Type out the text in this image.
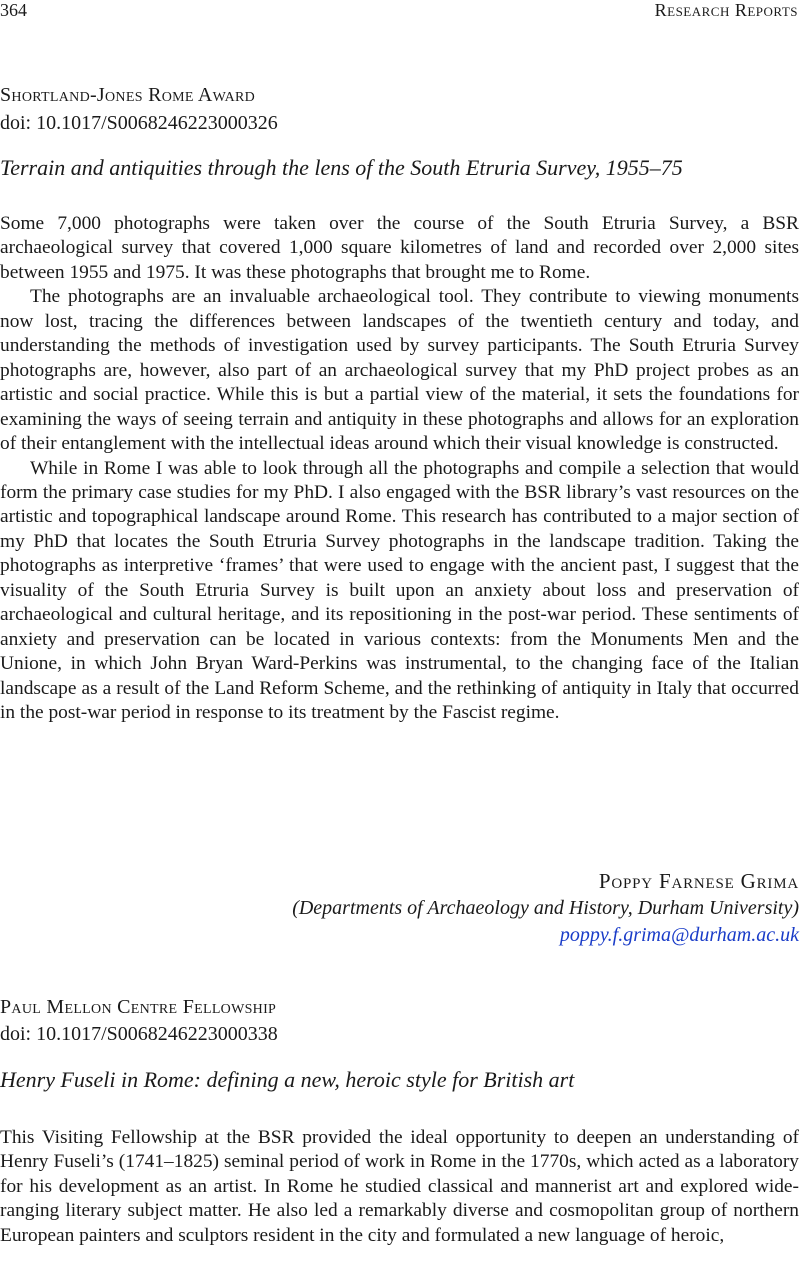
364	Research Reports
Shortland-Jones Rome Award
doi: 10.1017/S0068246223000326
Terrain and antiquities through the lens of the South Etruria Survey, 1955–75

Some 7,000 photographs were taken over the course of the South Etruria Survey, a BSR archaeological survey that covered 1,000 square kilometres of land and recorded over 2,000 sites between 1955 and 1975. It was these photographs that brought me to Rome.

The photographs are an invaluable archaeological tool. They contribute to viewing monuments now lost, tracing the differences between landscapes of the twentieth century and today, and understanding the methods of investigation used by survey participants. The South Etruria Survey photographs are, however, also part of an archaeological survey that my PhD project probes as an artistic and social practice. While this is but a partial view of the material, it sets the foundations for examining the ways of seeing terrain and antiquity in these photographs and allows for an exploration of their entanglement with the intellectual ideas around which their visual knowledge is constructed.

While in Rome I was able to look through all the photographs and compile a selection that would form the primary case studies for my PhD. I also engaged with the BSR library’s vast resources on the artistic and topographical landscape around Rome. This research has contributed to a major section of my PhD that locates the South Etruria Survey photographs in the landscape tradition. Taking the photographs as interpretive ‘frames’ that were used to engage with the ancient past, I suggest that the visuality of the South Etruria Survey is built upon an anxiety about loss and preservation of archaeological and cultural heritage, and its repositioning in the post-war period. These sentiments of anxiety and preservation can be located in various contexts: from the Monuments Men and the Unione, in which John Bryan Ward-Perkins was instrumental, to the changing face of the Italian landscape as a result of the Land Reform Scheme, and the rethinking of antiquity in Italy that occurred in the post-war period in response to its treatment by the Fascist regime.

Poppy Farnese Grima
(Departments of Archaeology and History, Durham University)
poppy.f.grima@durham.ac.uk
Paul Mellon Centre Fellowship
doi: 10.1017/S0068246223000338
Henry Fuseli in Rome: defining a new, heroic style for British art

This Visiting Fellowship at the BSR provided the ideal opportunity to deepen an understanding of Henry Fuseli’s (1741–1825) seminal period of work in Rome in the 1770s, which acted as a laboratory for his development as an artist. In Rome he studied classical and mannerist art and explored wide-ranging literary subject matter. He also led a remarkably diverse and cosmopolitan group of northern European painters and sculptors resident in the city and formulated a new language of heroic,
